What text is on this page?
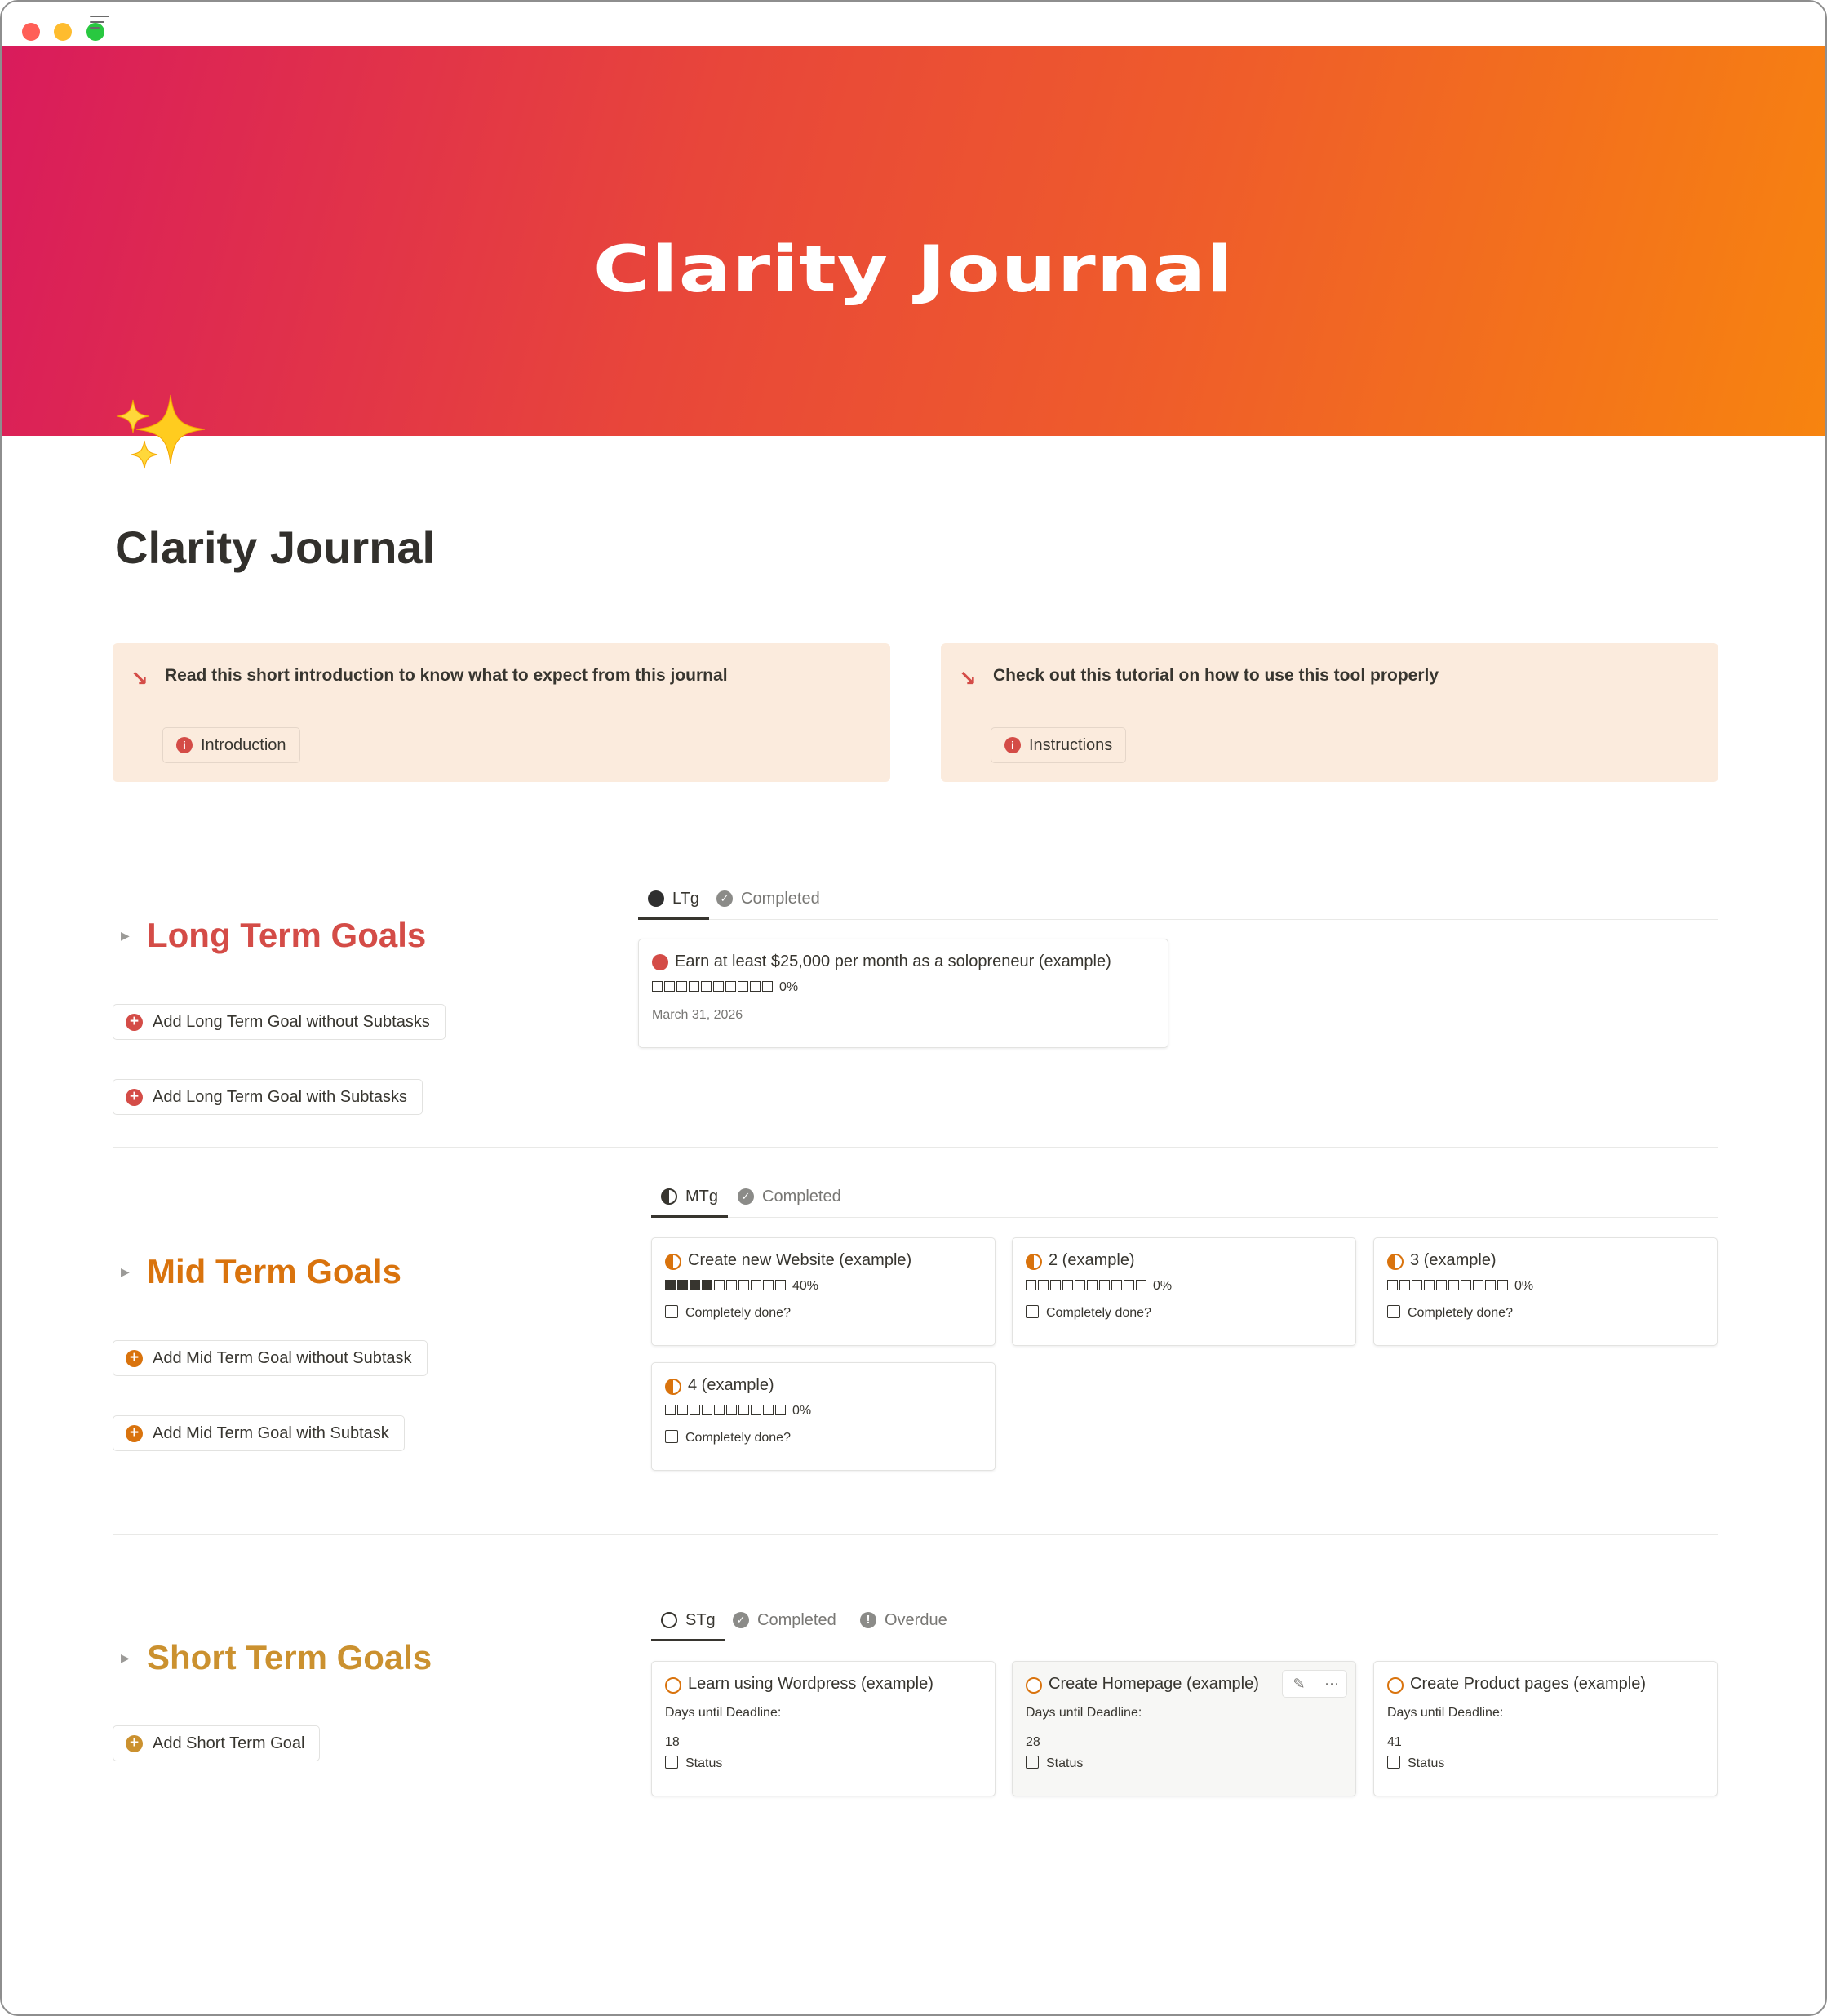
Clarity Journal
Clarity Journal
↘ Read this short introduction to know what to expect from this journal
i Introduction
↘ Check out this tutorial on how to use this tool properly
i Instructions
▶ Long Term Goals
+ Add Long Term Goal without Subtasks
+ Add Long Term Goal with Subtasks
LTg	✓ Completed
Earn at least $25,000 per month as a solopreneur (example)
0%
March 31, 2026
▶ Mid Term Goals
+ Add Mid Term Goal without Subtask
+ Add Mid Term Goal with Subtask
MTg	✓ Completed
Create new Website (example)
40%
Completely done?
2 (example)
0%
Completely done?
3 (example)
0%
Completely done?
4 (example)
0%
Completely done?
▶ Short Term Goals
+ Add Short Term Goal
STg	✓ Completed	! Overdue
Learn using Wordpress (example)
Days until Deadline:
18
Status
Create Homepage (example)	✎	⋯
Days until Deadline:
28
Status
Create Product pages (example)
Days until Deadline:
41
Status
